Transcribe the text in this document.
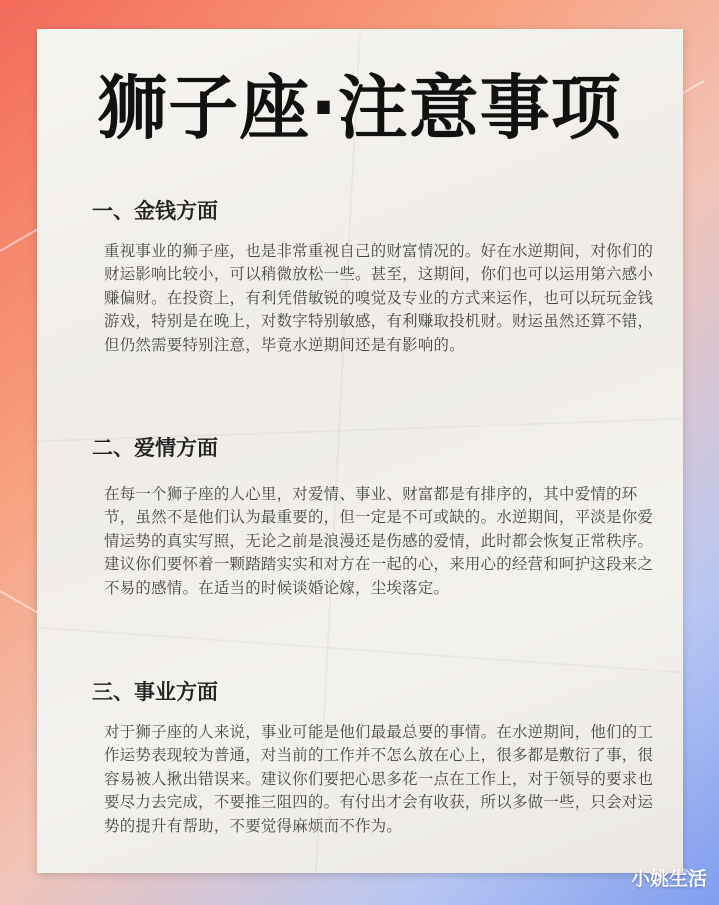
狮子座·注意事项
一、金钱方面
重视事业的狮子座，也是非常重视自己的财富情况的。好在水逆期间，对你们的财运影响比较小，可以稍微放松一些。甚至，这期间，你们也可以运用第六感小赚偏财。在投资上，有利凭借敏锐的嗅觉及专业的方式来运作，也可以玩玩金钱游戏，特别是在晚上，对数字特别敏感，有利赚取投机财。财运虽然还算不错，但仍然需要特别注意，毕竟水逆期间还是有影响的。
二、爱情方面
在每一个狮子座的人心里，对爱情、事业、财富都是有排序的，其中爱情的环节，虽然不是他们认为最重要的，但一定是不可或缺的。水逆期间，平淡是你爱情运势的真实写照，无论之前是浪漫还是伤感的爱情，此时都会恢复正常秩序。建议你们要怀着一颗踏踏实实和对方在一起的心，来用心的经营和呵护这段来之不易的感情。在适当的时候谈婚论嫁，尘埃落定。
三、事业方面
对于狮子座的人来说，事业可能是他们最最总要的事情。在水逆期间，他们的工作运势表现较为普通，对当前的工作并不怎么放在心上，很多都是敷衍了事，很容易被人揪出错误来。建议你们要把心思多花一点在工作上，对于领导的要求也要尽力去完成，不要推三阻四的。有付出才会有收获，所以多做一些，只会对运势的提升有帮助，不要觉得麻烦而不作为。
小姚生活
